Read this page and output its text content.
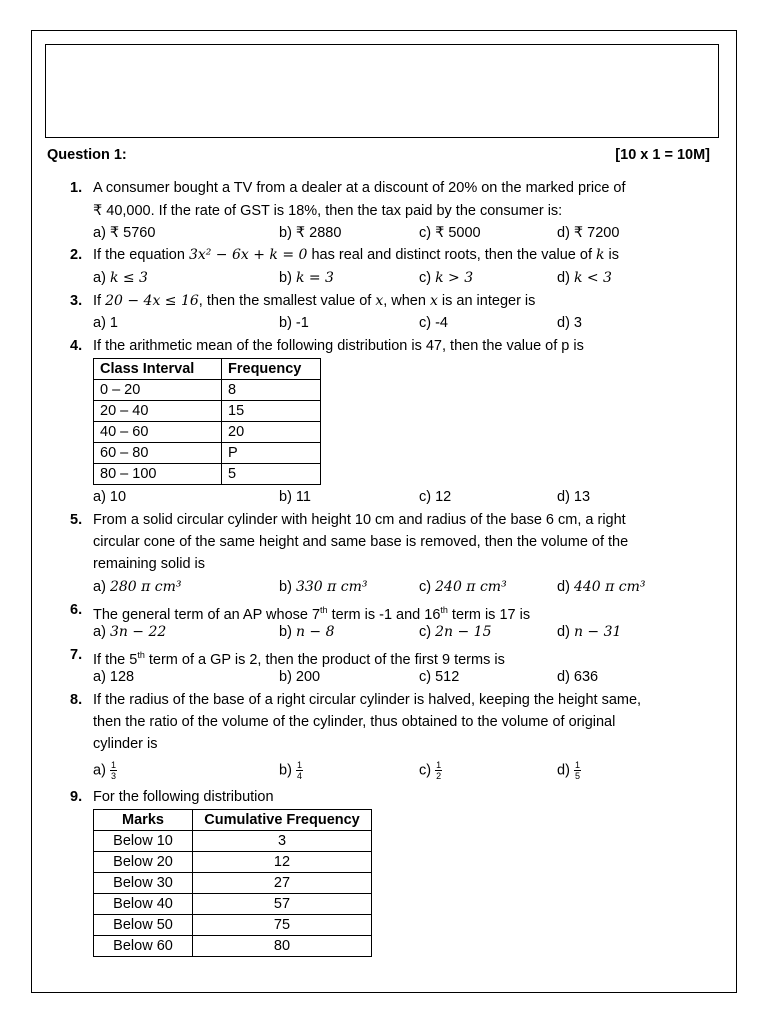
Question 1:	[10 x 1 = 10M]
1. A consumer bought a TV from a dealer at a discount of 20% on the marked price of
₹ 40,000. If the rate of GST is 18%, then the tax paid by the consumer is:
a) ₹ 5760	b) ₹ 2880	c) ₹ 5000	d) ₹ 7200
2. If the equation 3x² − 6x + k = 0 has real and distinct roots, then the value of k is
a) k ≤ 3	b) k = 3	c) k > 3	d) k < 3
3. If 20 − 4x ≤ 16, then the smallest value of x, when x is an integer is
a) 1	b) -1	c) -4	d) 3
4. If the arithmetic mean of the following distribution is 47, then the value of p is
Class Interval	Frequency
0 – 20	8
20 – 40	15
40 – 60	20
60 – 80	P
80 – 100	5
a) 10	b) 11	c) 12	d) 13
5. From a solid circular cylinder with height 10 cm and radius of the base 6 cm, a right
circular cone of the same height and same base is removed, then the volume of the
remaining solid is
a) 280 π cm³	b) 330 π cm³	c) 240 π cm³	d) 440 π cm³
6. The general term of an AP whose 7th term is -1 and 16th term is 17 is
a) 3n − 22	b) n − 8	c) 2n − 15	d) n − 31
7. If the 5th term of a GP is 2, then the product of the first 9 terms is
a) 128	b) 200	c) 512	d) 636
8. If the radius of the base of a right circular cylinder is halved, keeping the height same,
then the ratio of the volume of the cylinder, thus obtained to the volume of original
cylinder is
$a) \frac{1}{3}$	$b) \frac{1}{4}$	$c) \frac{1}{2}$	$d) \frac{1}{5}$
9. For the following distribution
Marks	Cumulative Frequency
Below 10	3
Below 20	12
Below 30	27
Below 40	57
Below 50	75
Below 60	80
